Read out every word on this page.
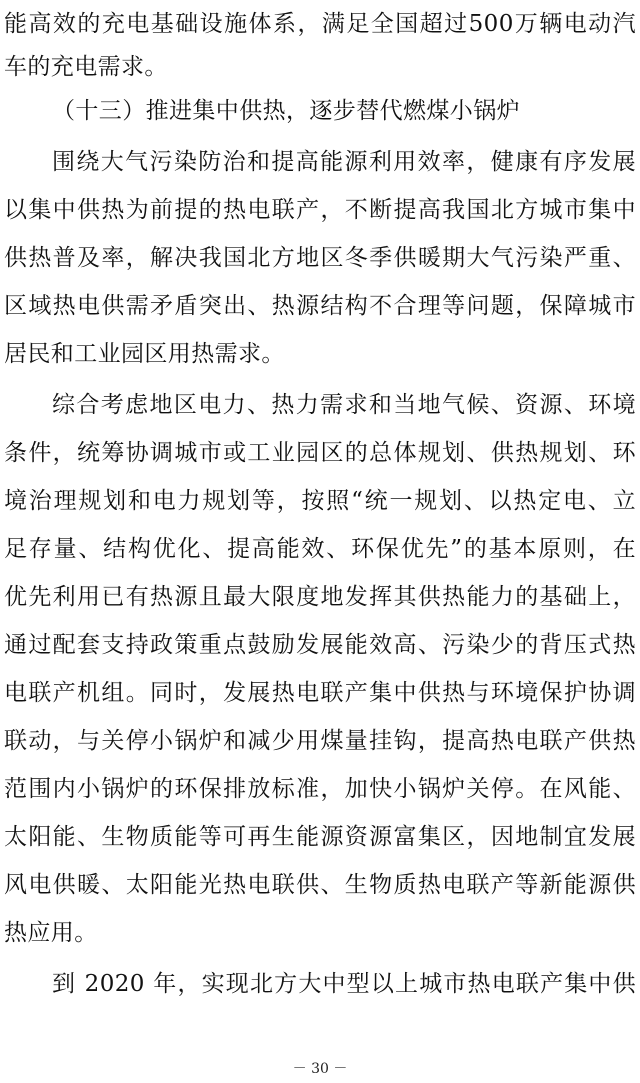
能高效的充电基础设施体系，满足全国超过500万辆电动汽
车的充电需求。
（十三）推进集中供热，逐步替代燃煤小锅炉
围绕大气污染防治和提高能源利用效率，健康有序发展
以集中供热为前提的热电联产，不断提高我国北方城市集中
供热普及率，解决我国北方地区冬季供暖期大气污染严重、
区域热电供需矛盾突出、热源结构不合理等问题，保障城市
居民和工业园区用热需求。
综合考虑地区电力、热力需求和当地气候、资源、环境
条件，统筹协调城市或工业园区的总体规划、供热规划、环
境治理规划和电力规划等，按照“统一规划、以热定电、立
足存量、结构优化、提高能效、环保优先”的基本原则，在
优先利用已有热源且最大限度地发挥其供热能力的基础上，
通过配套支持政策重点鼓励发展能效高、污染少的背压式热
电联产机组。同时，发展热电联产集中供热与环境保护协调
联动，与关停小锅炉和减少用煤量挂钩，提高热电联产供热
范围内小锅炉的环保排放标准，加快小锅炉关停。在风能、
太阳能、生物质能等可再生能源资源富集区，因地制宜发展
风电供暖、太阳能光热电联供、生物质热电联产等新能源供
热应用。
到 2020 年，实现北方大中型以上城市热电联产集中供
－ 30 －
